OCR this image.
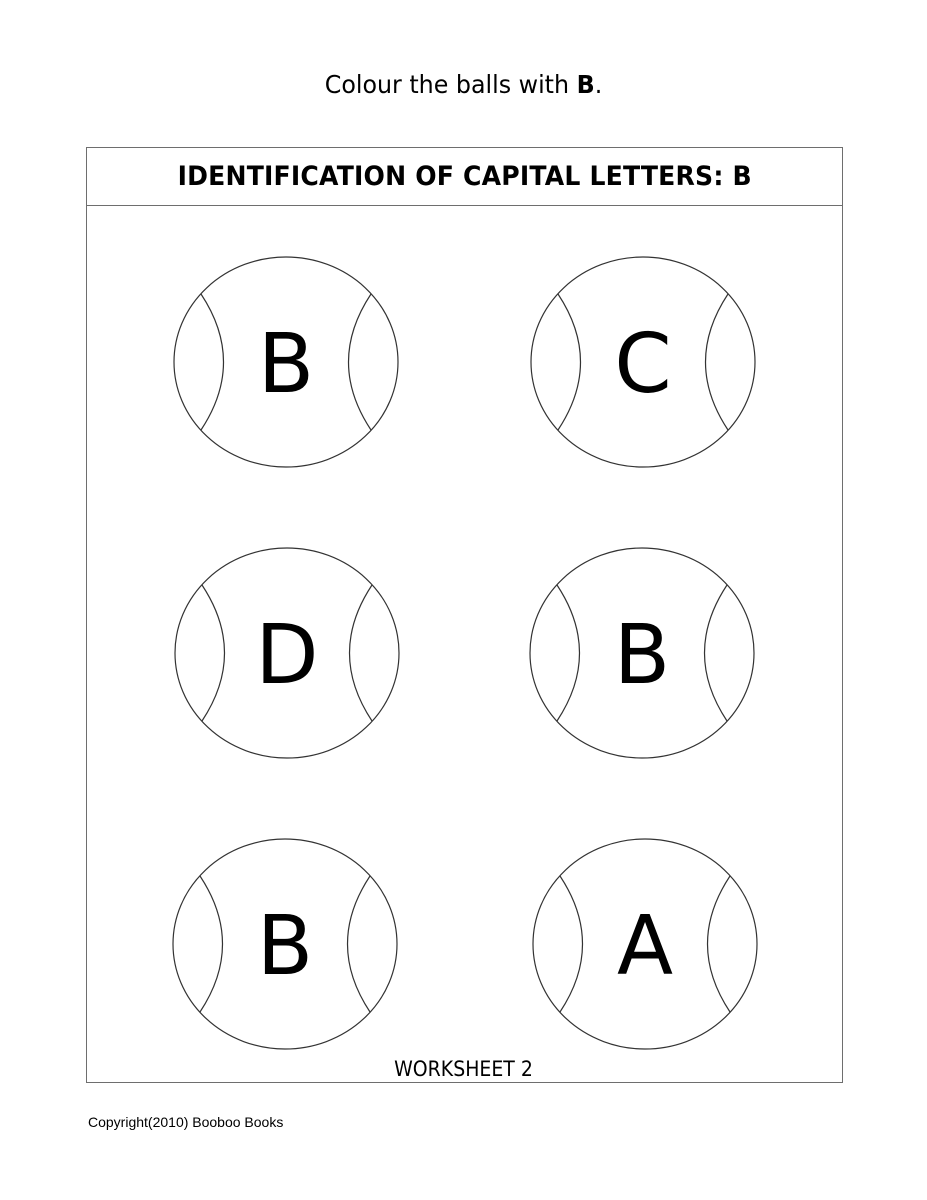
IDENTIFICATION OF CAPITAL LETTERS: B
Colour the balls with B.
B	C
D	B
B	A
WORKSHEET 2
Copyright(2010) Booboo Books
